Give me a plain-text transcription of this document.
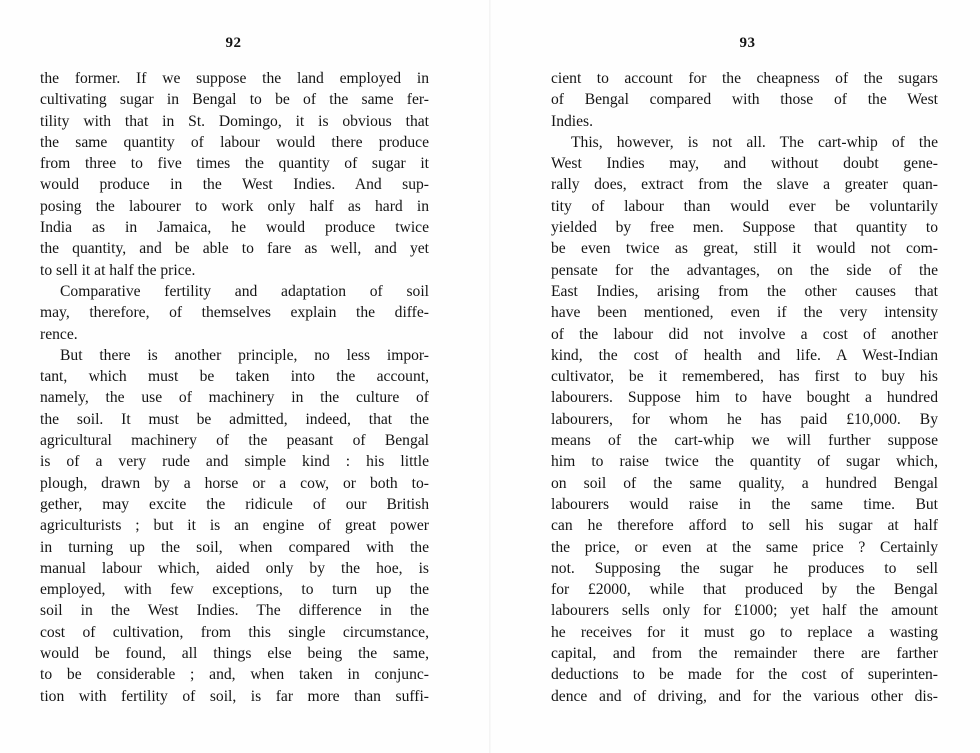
92
the former. If we suppose the land employed in
cultivating sugar in Bengal to be of the same fer-
tility with that in St. Domingo, it is obvious that
the same quantity of labour would there produce
from three to five times the quantity of sugar it
would produce in the West Indies. And sup-
posing the labourer to work only half as hard in
India as in Jamaica, he would produce twice
the quantity, and be able to fare as well, and yet
to sell it at half the price.
Comparative fertility and adaptation of soil
may, therefore, of themselves explain the diffe-
rence.
But there is another principle, no less impor-
tant, which must be taken into the account,
namely, the use of machinery in the culture of
the soil. It must be admitted, indeed, that the
agricultural machinery of the peasant of Bengal
is of a very rude and simple kind : his little
plough, drawn by a horse or a cow, or both to-
gether, may excite the ridicule of our British
agriculturists ; but it is an engine of great power
in turning up the soil, when compared with the
manual labour which, aided only by the hoe, is
employed, with few exceptions, to turn up the
soil in the West Indies. The difference in the
cost of cultivation, from this single circumstance,
would be found, all things else being the same,
to be considerable ; and, when taken in conjunc-
tion with fertility of soil, is far more than suffi-
93
cient to account for the cheapness of the sugars
of Bengal compared with those of the West
Indies.
This, however, is not all. The cart-whip of the
West Indies may, and without doubt gene-
rally does, extract from the slave a greater quan-
tity of labour than would ever be voluntarily
yielded by free men. Suppose that quantity to
be even twice as great, still it would not com-
pensate for the advantages, on the side of the
East Indies, arising from the other causes that
have been mentioned, even if the very intensity
of the labour did not involve a cost of another
kind, the cost of health and life. A West-Indian
cultivator, be it remembered, has first to buy his
labourers. Suppose him to have bought a hundred
labourers, for whom he has paid £10,000. By
means of the cart-whip we will further suppose
him to raise twice the quantity of sugar which,
on soil of the same quality, a hundred Bengal
labourers would raise in the same time. But
can he therefore afford to sell his sugar at half
the price, or even at the same price ? Certainly
not. Supposing the sugar he produces to sell
for £2000, while that produced by the Bengal
labourers sells only for £1000; yet half the amount
he receives for it must go to replace a wasting
capital, and from the remainder there are farther
deductions to be made for the cost of superinten-
dence and of driving, and for the various other dis-
